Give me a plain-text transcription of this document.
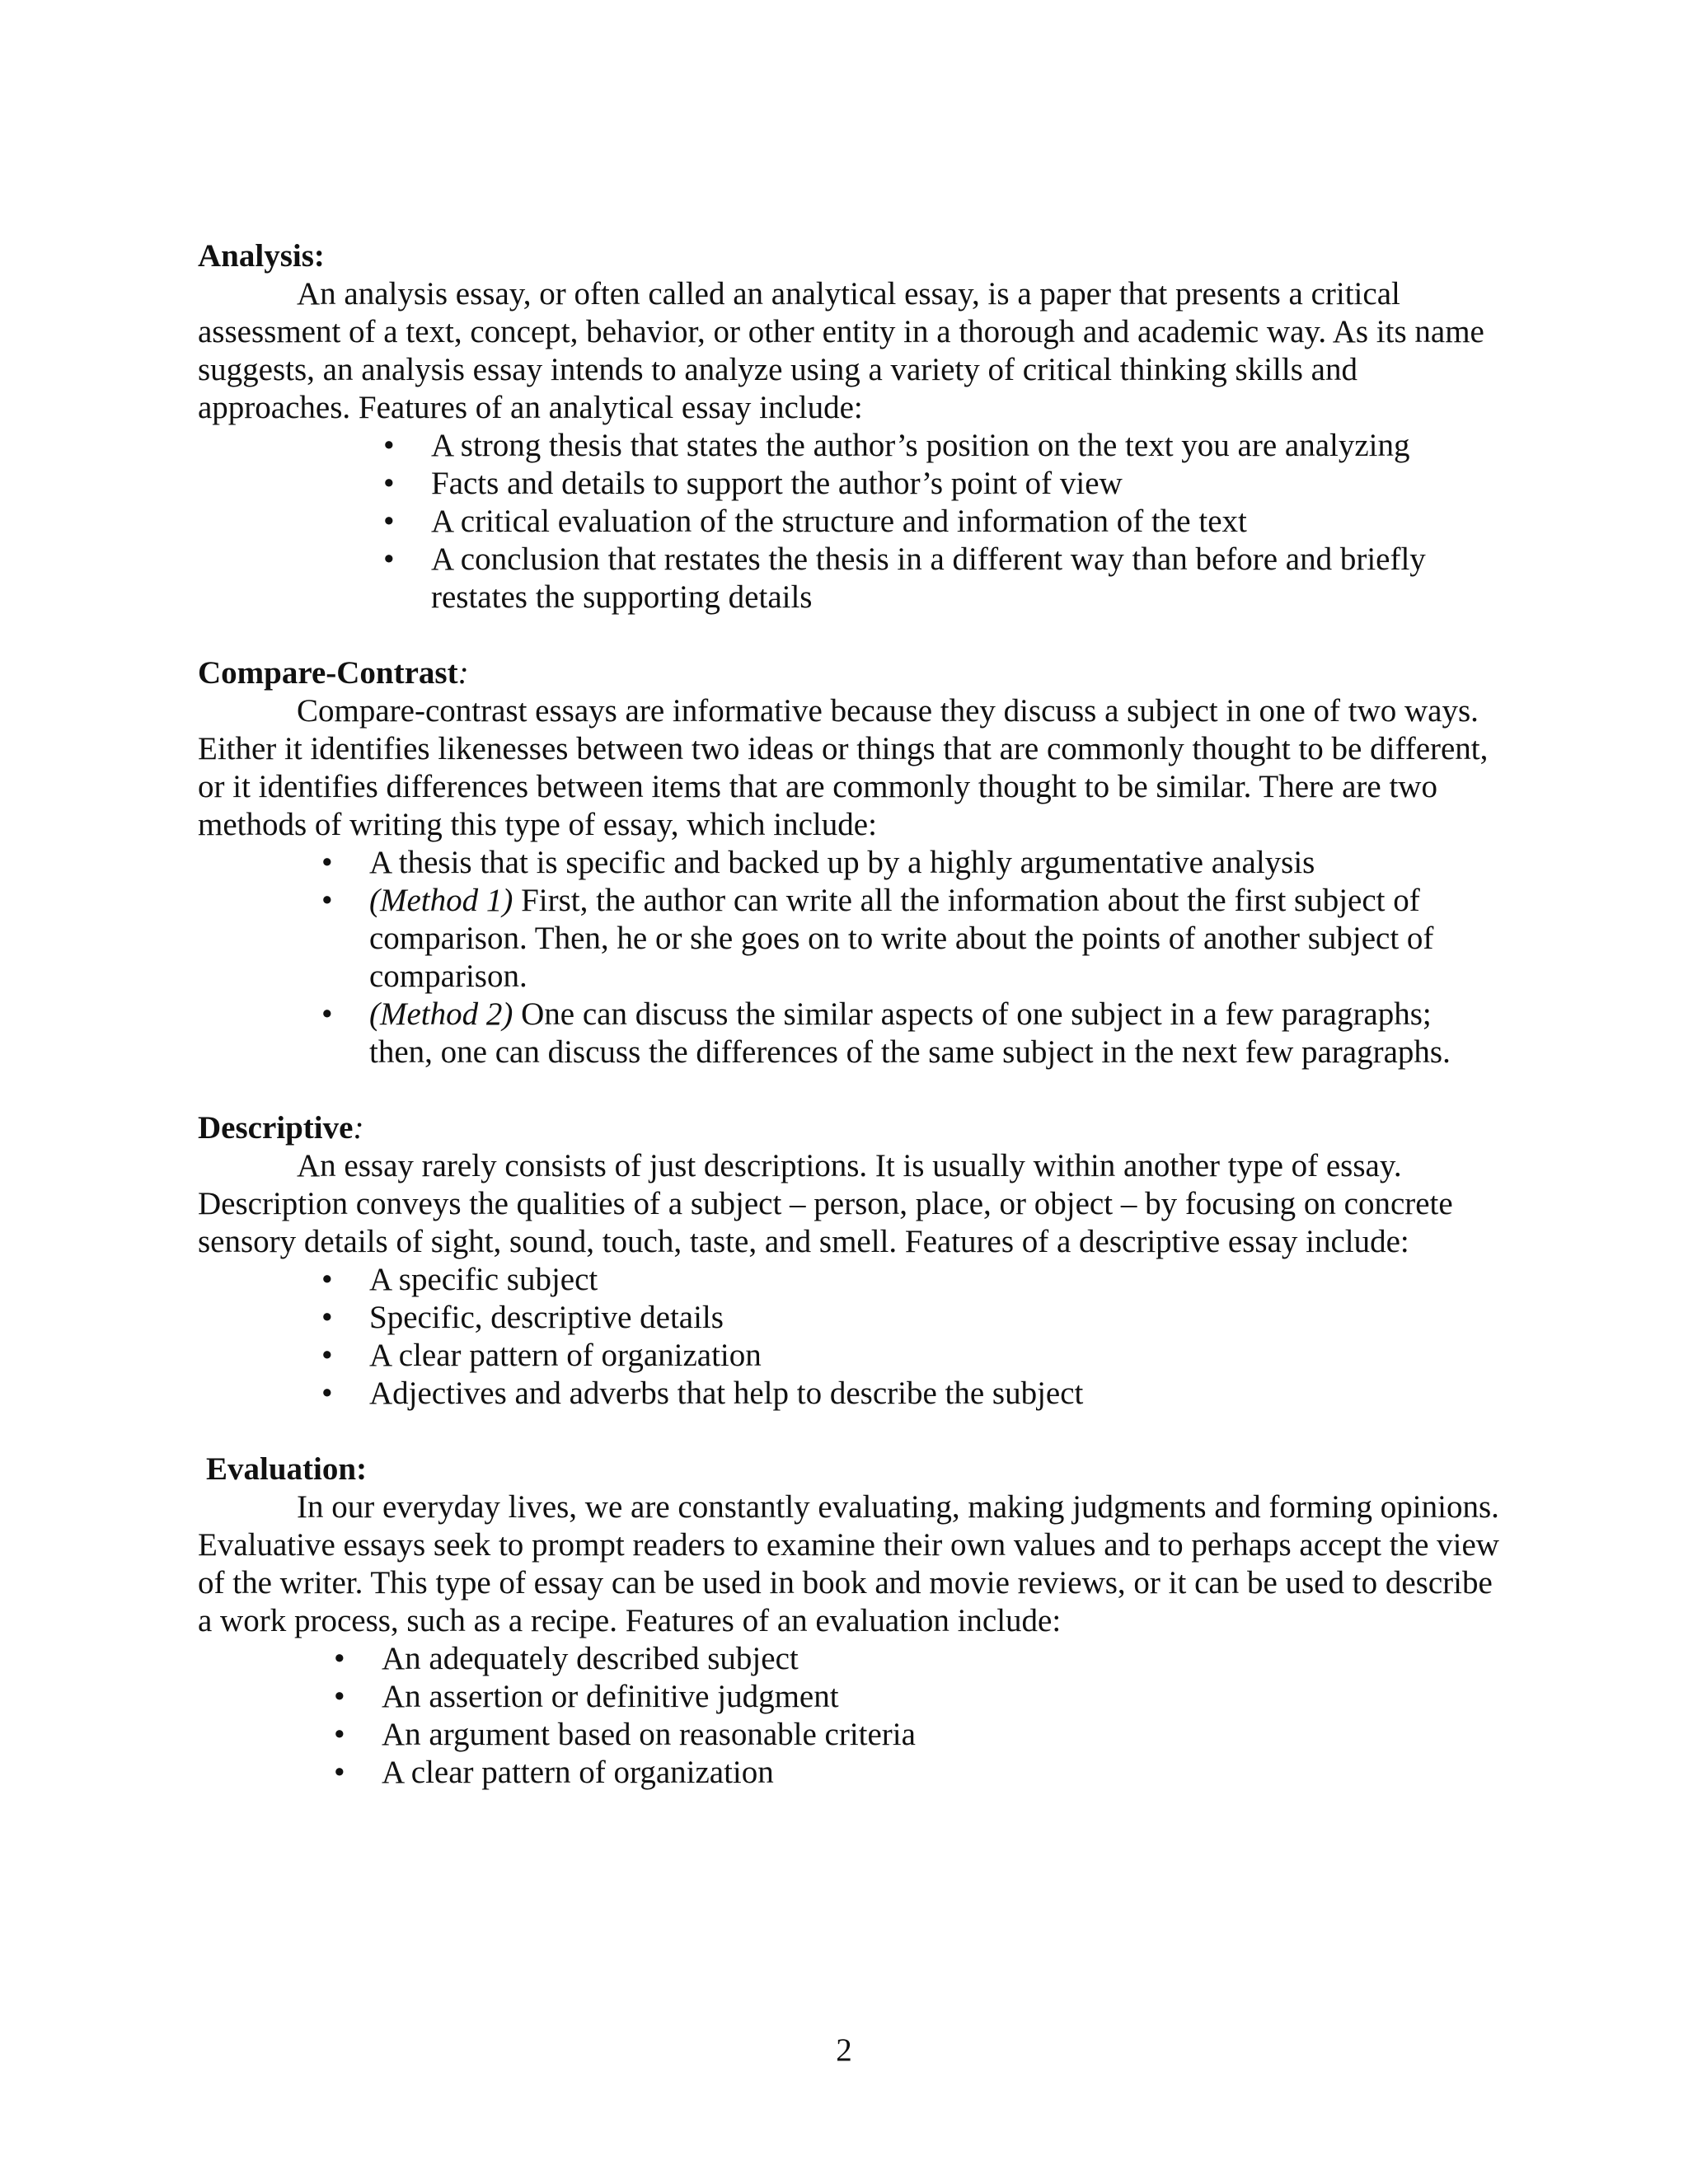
Analysis:

An analysis essay, or often called an analytical essay, is a paper that presents a critical assessment of a text, concept, behavior, or other entity in a thorough and academic way. As its name suggests, an analysis essay intends to analyze using a variety of critical thinking skills and approaches. Features of an analytical essay include:

• A strong thesis that states the author’s position on the text you are analyzing
• Facts and details to support the author’s point of view
• A critical evaluation of the structure and information of the text
• A conclusion that restates the thesis in a different way than before and briefly restates the supporting details

Compare-Contrast:

Compare-contrast essays are informative because they discuss a subject in one of two ways. Either it identifies likenesses between two ideas or things that are commonly thought to be different, or it identifies differences between items that are commonly thought to be similar. There are two methods of writing this type of essay, which include:

• A thesis that is specific and backed up by a highly argumentative analysis
• (Method 1) First, the author can write all the information about the first subject of comparison. Then, he or she goes on to write about the points of another subject of comparison.
• (Method 2) One can discuss the similar aspects of one subject in a few paragraphs; then, one can discuss the differences of the same subject in the next few paragraphs.

Descriptive:

An essay rarely consists of just descriptions. It is usually within another type of essay. Description conveys the qualities of a subject – person, place, or object – by focusing on concrete sensory details of sight, sound, touch, taste, and smell. Features of a descriptive essay include:

• A specific subject
• Specific, descriptive details
• A clear pattern of organization
• Adjectives and adverbs that help to describe the subject

Evaluation:

In our everyday lives, we are constantly evaluating, making judgments and forming opinions. Evaluative essays seek to prompt readers to examine their own values and to perhaps accept the view of the writer. This type of essay can be used in book and movie reviews, or it can be used to describe a work process, such as a recipe. Features of an evaluation include:

• An adequately described subject
• An assertion or definitive judgment
• An argument based on reasonable criteria
• A clear pattern of organization
2
